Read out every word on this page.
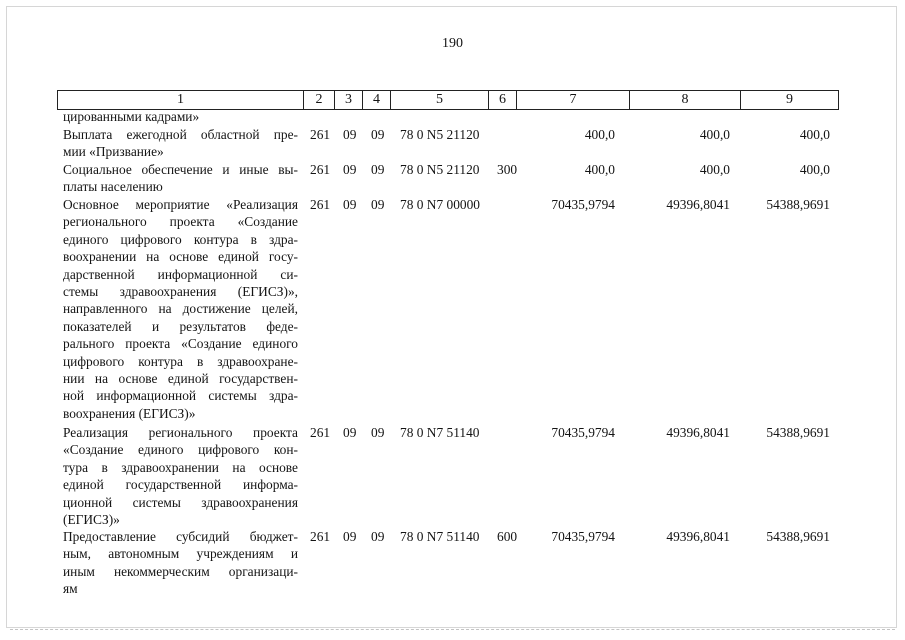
190
1	2	3	4	5	6	7	8	9
цированными кадрами»
Выплата ежегодной областной пре-
мии «Призвание»
261 09 09 78 0 N5 21120	400,0	400,0	400,0
Социальное обеспечение и иные вы-
платы населению
261 09 09 78 0 N5 21120 300	400,0	400,0	400,0
Основное мероприятие «Реализация
регионального проекта «Создание
единого цифрового контура в здра-
воохранении на основе единой госу-
дарственной информационной си-
стемы здравоохранения (ЕГИСЗ)»,
направленного на достижение целей,
показателей и результатов феде-
рального проекта «Создание единого
цифрового контура в здравоохране-
нии на основе единой государствен-
ной информационной системы здра-
воохранения (ЕГИСЗ)»
261 09 09 78 0 N7 00000	70435,9794	49396,8041	54388,9691
Реализация регионального проекта
«Создание единого цифрового кон-
тура в здравоохранении на основе
единой государственной информа-
ционной системы здравоохранения
(ЕГИСЗ)»
261 09 09 78 0 N7 51140	70435,9794	49396,8041	54388,9691
Предоставление субсидий бюджет-
ным, автономным учреждениям и
иным некоммерческим организаци-
ям
261 09 09 78 0 N7 51140 600	70435,9794	49396,8041	54388,9691
